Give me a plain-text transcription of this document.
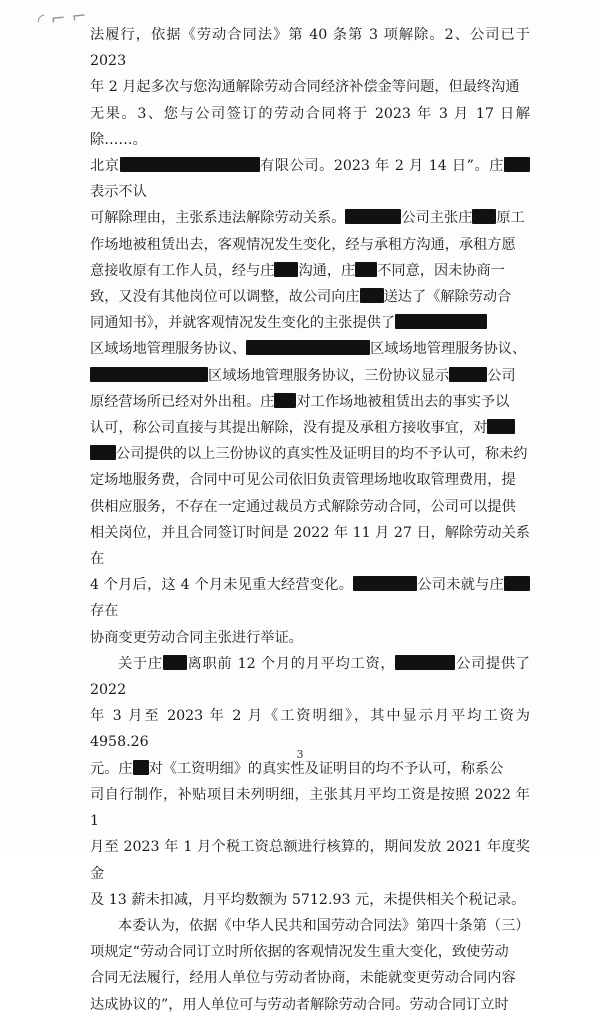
◜⌐⌐

法履行，依据《劳动合同法》第 40 条第 3 项解除。2、公司已于 2023
年 2 月起多次与您沟通解除劳动合同经济补偿金等问题，但最终沟通
无果。3、您与公司签订的劳动合同将于 2023 年 3 月 17 日解除……。
北京	有限公司。2023 年 2 月 14 日”。庄表示不认
可解除理由，主张系违法解除劳动关系。	公司主张庄 原工
作场地被租赁出去，客观情况发生变化，经与承租方沟通，承租方愿
意接收原有工作人员，经与庄 沟通，庄 不同意，因未协商一
致，又没有其他岗位可以调整，故公司向庄 送达了《解除劳动合
同通知书》，并就客观情况发生变化的主张提供了
区域场地管理服务协议、	区域场地管理服务协议、
区域场地管理服务协议，三份协议显示	公司
原经营场所已经对外出租。庄 对工作场地被租赁出去的事实予以
认可，称公司直接与其提出解除，没有提及承租方接收事宜，对
公司提供的以上三份协议的真实性及证明目的均不予认可，称未约
定场地服务费，合同中可见公司依旧负责管理场地收取管理费用，提
供相应服务，不存在一定通过裁员方式解除劳动合同，公司可以提供
相关岗位，并且合同签订时间是 2022 年 11 月 27 日，解除劳动关系在
4 个月后，这 4 个月未见重大经营变化。	公司未就与庄存在
协商变更劳动合同主张进行举证。

关于庄 离职前 12 个月的月平均工资，	公司提供了 2022
年 3 月至 2023 年 2 月《工资明细》，其中显示月平均工资为 4958.26
元。庄 对《工资明细》的真实性及证明目的均不予认可，称系公
司自行制作，补贴项目未列明细，主张其月平均工资是按照 2022 年 1
月至 2023 年 1 月个税工资总额进行核算的，期间发放 2021 年度奖金
及 13 薪未扣减，月平均数额为 5712.93 元，未提供相关个税记录。

本委认为，依据《中华人民共和国劳动合同法》第四十条第（三）
项规定“劳动合同订立时所依据的客观情况发生重大变化，致使劳动
合同无法履行，经用人单位与劳动者协商，未能就变更劳动合同内容
达成协议的”，用人单位可与劳动者解除劳动合同。劳动合同订立时

3
